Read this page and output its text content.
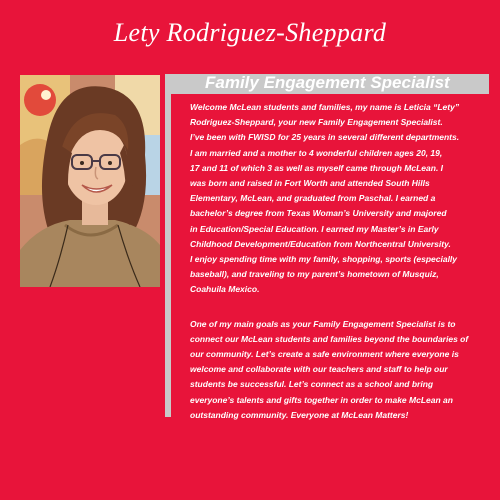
Lety Rodriguez-Sheppard
Family Engagement Specialist
Welcome McLean students and families, my name is Leticia “Lety”
Rodriguez-Sheppard, your new Family Engagement Specialist.
I’ve been with FWISD for 25 years in several different departments.
I am married and a mother to 4 wonderful children ages 20, 19,
17 and 11 of which 3 as well as myself came through McLean. I
was born and raised in Fort Worth and attended South Hills
Elementary, McLean, and graduated from Paschal. I earned a
bachelor’s degree from Texas Woman’s University and majored
in Education/Special Education. I earned my Master’s in Early
Childhood Development/Education from Northcentral University.
I enjoy spending time with my family, shopping, sports (especially
baseball), and traveling to my parent’s hometown of Musquiz,
Coahuila Mexico.
One of my main goals as your Family Engagement Specialist is to
connect our McLean students and families beyond the boundaries of
our community. Let’s create a safe environment where everyone is
welcome and collaborate with our teachers and staff to help our
students be successful. Let’s connect as a school and bring
everyone’s talents and gifts together in order to make McLean an
outstanding community. Everyone at McLean Matters!
